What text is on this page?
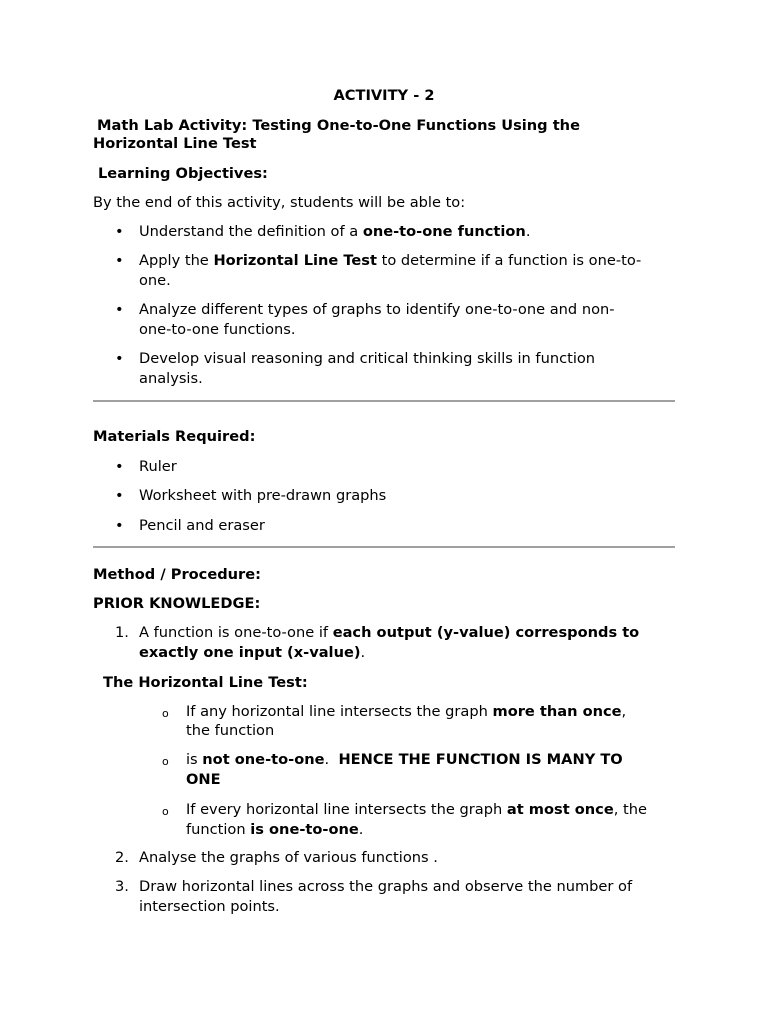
ACTIVITY - 2
Math Lab Activity: Testing One-to-One Functions Using the
Horizontal Line Test
Learning Objectives:
By the end of this activity, students will be able to:
• Understand the definition of a one-to-one function.
• Apply the Horizontal Line Test to determine if a function is one-to-
one.
• Analyze different types of graphs to identify one-to-one and non-
one-to-one functions.
• Develop visual reasoning and critical thinking skills in function
analysis.
Materials Required:
• Ruler
• Worksheet with pre-drawn graphs
• Pencil and eraser
Method / Procedure:
PRIOR KNOWLEDGE:
1. A function is one-to-one if each output (y-value) corresponds to
exactly one input (x-value).
The Horizontal Line Test:
o If any horizontal line intersects the graph more than once,
the function
o is not one-to-one.  HENCE THE FUNCTION IS MANY TO
ONE
o If every horizontal line intersects the graph at most once, the
function is one-to-one.
2. Analyse the graphs of various functions .
3. Draw horizontal lines across the graphs and observe the number of
intersection points.
